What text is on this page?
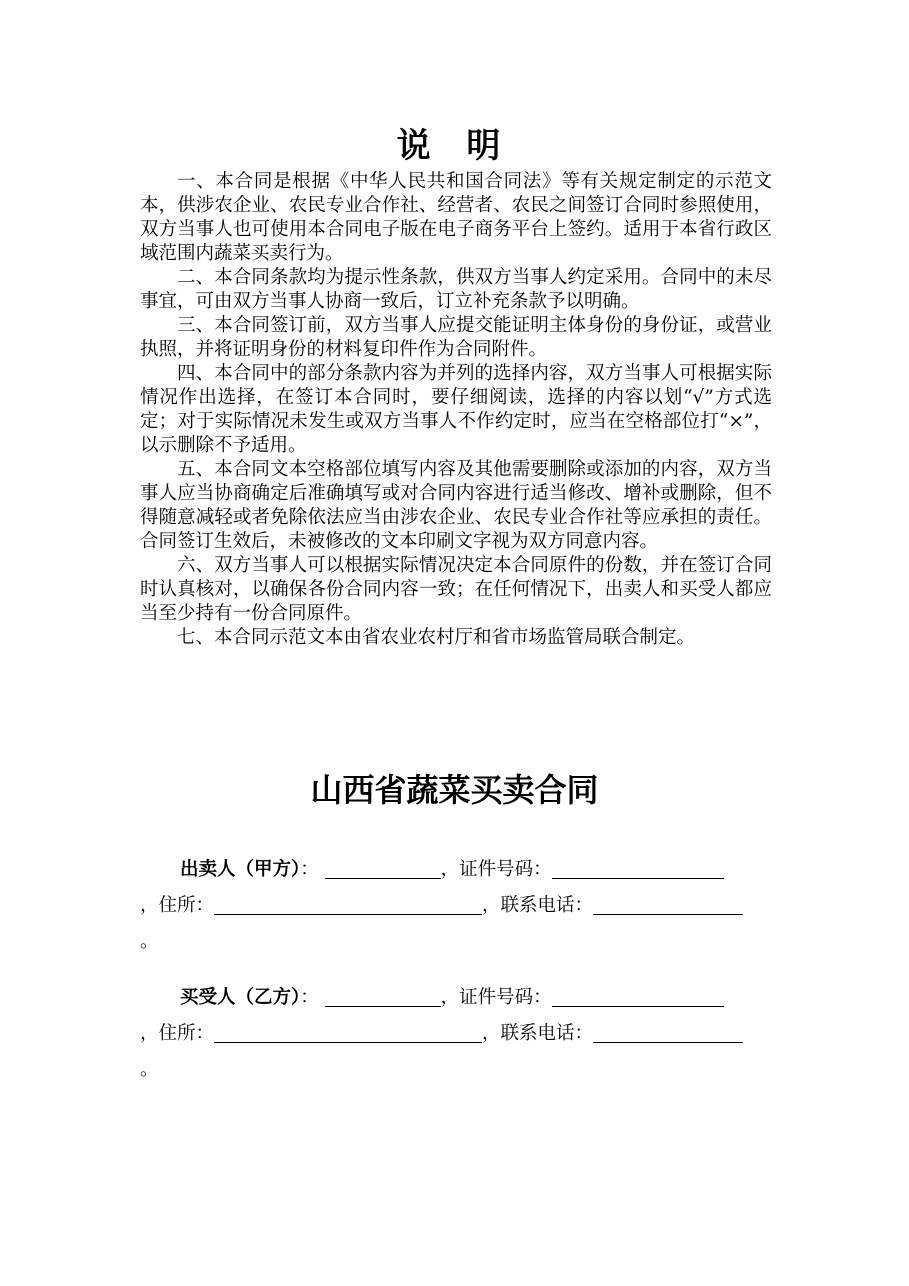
说 明

一、本合同是根据《中华人民共和国合同法》等有关规定制定的示范文本，供涉农企业、农民专业合作社、经营者、农民之间签订合同时参照使用，双方当事人也可使用本合同电子版在电子商务平台上签约。适用于本省行政区域范围内蔬菜买卖行为。

二、本合同条款均为提示性条款，供双方当事人约定采用。合同中的未尽事宜，可由双方当事人协商一致后，订立补充条款予以明确。

三、本合同签订前，双方当事人应提交能证明主体身份的身份证，或营业执照，并将证明身份的材料复印件作为合同附件。

四、本合同中的部分条款内容为并列的选择内容，双方当事人可根据实际情况作出选择，在签订本合同时，要仔细阅读，选择的内容以划“√”方式选定；对于实际情况未发生或双方当事人不作约定时，应当在空格部位打“×”，以示删除不予适用。

五、本合同文本空格部位填写内容及其他需要删除或添加的内容，双方当事人应当协商确定后准确填写或对合同内容进行适当修改、增补或删除，但不得随意减轻或者免除依法应当由涉农企业、农民专业合作社等应承担的责任。合同签订生效后，未被修改的文本印刷文字视为双方同意内容。

六、双方当事人可以根据实际情况决定本合同原件的份数，并在签订合同时认真核对，以确保各份合同内容一致；在任何情况下，出卖人和买受人都应当至少持有一份合同原件。

七、本合同示范文本由省农业农村厅和省市场监管局联合制定。

山西省蔬菜买卖合同
出卖人（甲方）：	，证件号码：
，住所：	，联系电话：
。
买受人（乙方）：	，证件号码：
，住所：	，联系电话：
。
